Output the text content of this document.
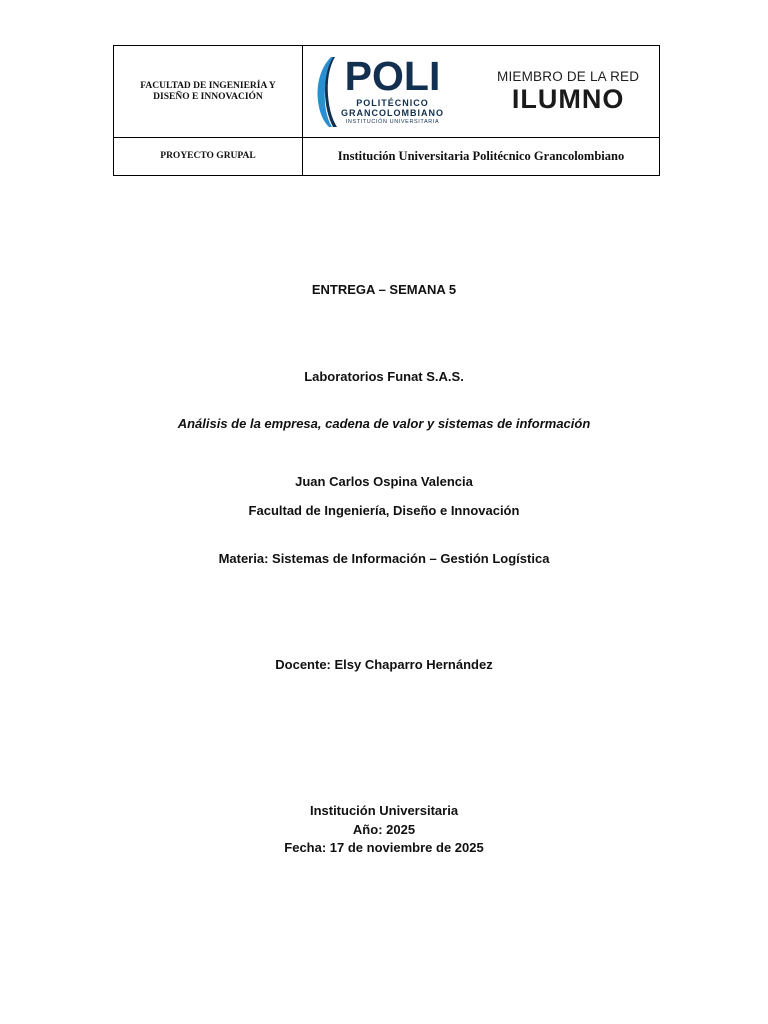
FACULTAD DE INGENIERÍA Y DISEÑO E INNOVACIÓN	POLI
POLITÉCNICO
GRANCOLOMBIANO
INSTITUCIÓN UNIVERSITARIA
MIEMBRO DE LA RED
ILUMNO
PROYECTO GRUPAL	Institución Universitaria Politécnico Grancolombiano
ENTREGA – SEMANA 5
Laboratorios Funat S.A.S.
Análisis de la empresa, cadena de valor y sistemas de información
Juan Carlos Ospina Valencia
Facultad de Ingeniería, Diseño e Innovación
Materia: Sistemas de Información – Gestión Logística
Docente: Elsy Chaparro Hernández
Institución Universitaria
Año: 2025
Fecha: 17 de noviembre de 2025
